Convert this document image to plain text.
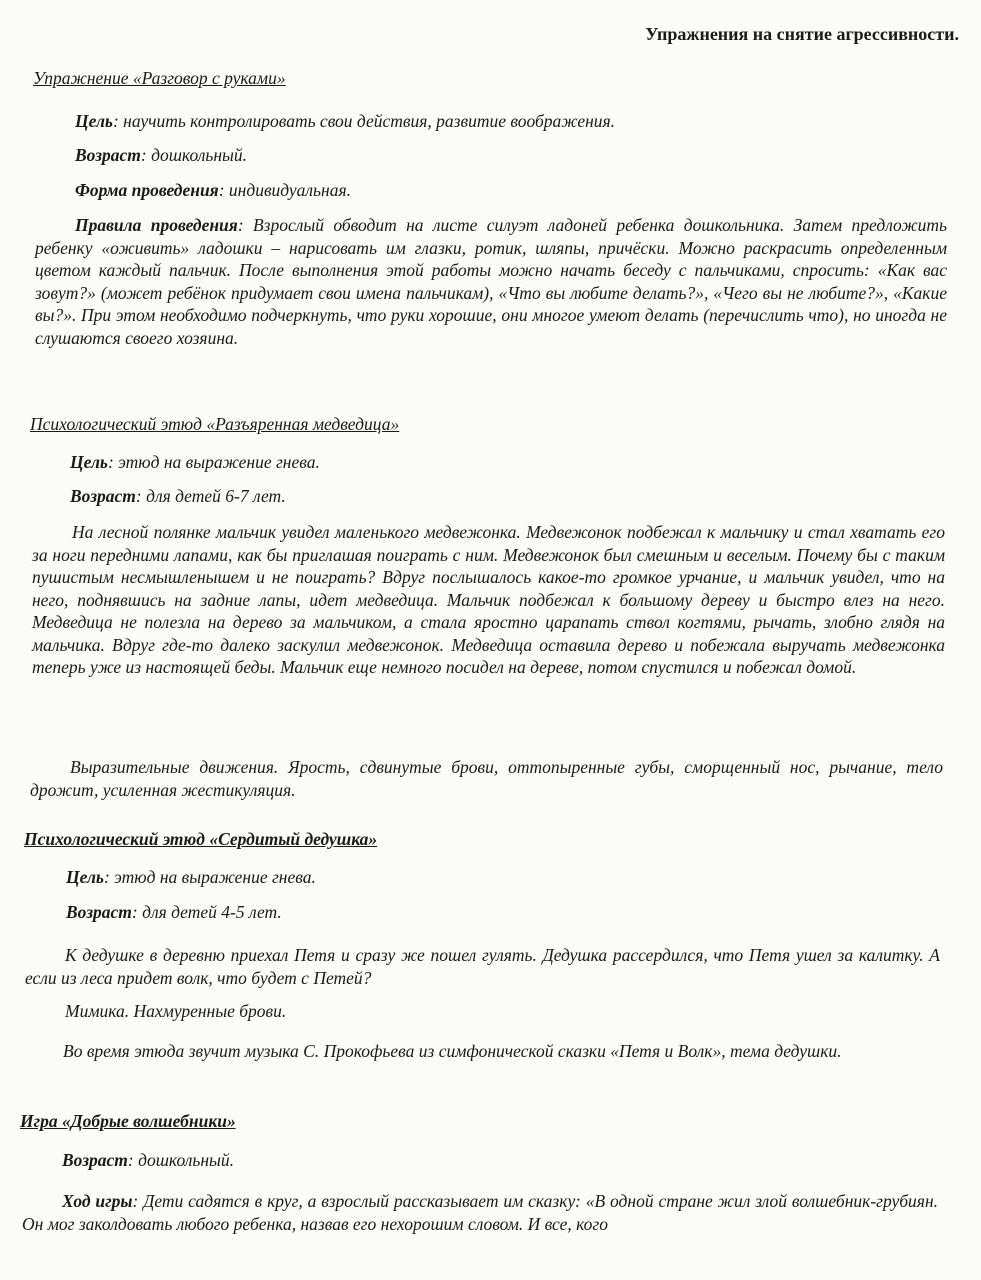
Упражнения на снятие агрессивности.
Упражнение «Разговор с руками»
Цель: научить контролировать свои действия, развитие воображения.
Возраст: дошкольный.
Форма проведения: индивидуальная.
Правила проведения: Взрослый обводит на листе силуэт ладоней ребенка дошкольника. Затем предложить ребенку «оживить» ладошки – нарисовать им глазки, ротик, шляпы, причёски. Можно раскрасить определенным цветом каждый пальчик. После выполнения этой работы можно начать беседу с пальчиками, спросить: «Как вас зовут?» (может ребёнок придумает свои имена пальчикам), «Что вы любите делать?», «Чего вы не любите?», «Какие вы?». При этом необходимо подчеркнуть, что руки хорошие, они многое умеют делать (перечислить что), но иногда не слушаются своего хозяина.
Психологический этюд «Разъяренная медведица»
Цель: этюд на выражение гнева.
Возраст: для детей 6-7 лет.
На лесной полянке мальчик увидел маленького медвежонка. Медвежонок подбежал к мальчику и стал хватать его за ноги передними лапами, как бы приглашая поиграть с ним. Медвежонок был смешным и веселым. Почему бы с таким пушистым несмышленышем и не поиграть? Вдруг послышалось какое-то громкое урчание, и мальчик увидел, что на него, поднявшись на задние лапы, идет медведица. Мальчик подбежал к большому дереву и быстро влез на него. Медведица не полезла на дерево за мальчиком, а стала яростно царапать ствол когтями, рычать, злобно глядя на мальчика. Вдруг где-то далеко заскулил медвежонок. Медведица оставила дерево и побежала выручать медвежонка теперь уже из настоящей беды. Мальчик еще немного посидел на дереве, потом спустился и побежал домой.
Выразительные движения. Ярость, сдвинутые брови, оттопыренные губы, сморщенный нос, рычание, тело дрожит, усиленная жестикуляция.
Психологический этюд «Сердитый дедушка»
Цель: этюд на выражение гнева.
Возраст: для детей 4-5 лет.
К дедушке в деревню приехал Петя и сразу же пошел гулять. Дедушка рассердился, что Петя ушел за калитку. А если из леса придет волк, что будет с Петей?
Мимика. Нахмуренные брови.
Во время этюда звучит музыка С. Прокофьева из симфонической сказки «Петя и Волк», тема дедушки.
Игра «Добрые волшебники»
Возраст: дошкольный.
Ход игры: Дети садятся в круг, а взрослый рассказывает им сказку: «В одной стране жил злой волшебник-грубиян. Он мог заколдовать любого ребенка, назвав его нехорошим словом. И все, кого
